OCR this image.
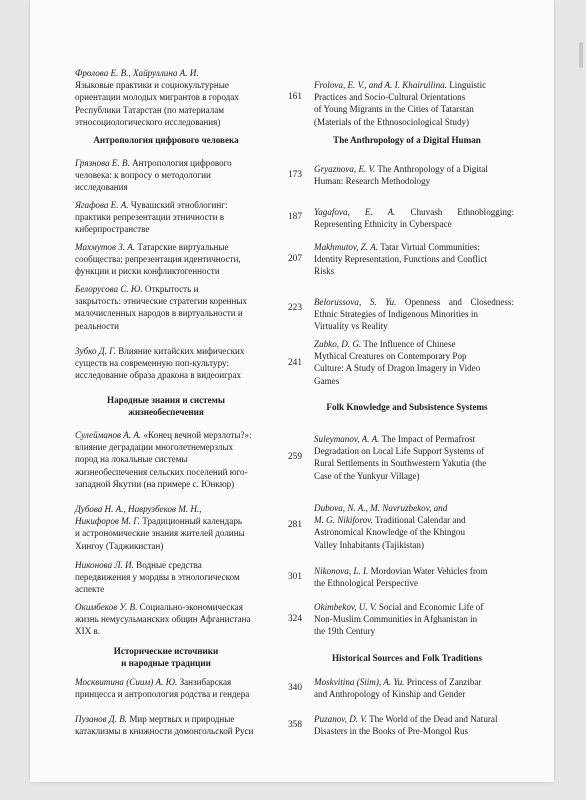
Фролова Е. В., Хайруллина А. И.
Языковые практики и социокультурные
ориентации молодых мигрантов в городах
Республики Татарстан (по материалам
этносоциологического исследования)
161
Frolova, E. V., and A. I. Khairullina. Linguistic
Practices and Socio-Cultural Orientations
of Young Migrants in the Cities of Tatarstan
(Materials of the Ethnosociological Study)
Антропология цифрового человека	The Anthropology of a Digital Human
Грязнова Е. В. Антропология цифрового
человека: к вопросу о методологии
исследования
173
Gryaznova, E. V. The Anthropology of a Digital
Human: Research Methodology
Ягафова Е. А. Чувашский этноблогинг:
практики репрезентации этничности в
киберпространстве
187	Yagafova, E. A. Chuvash Ethnoblogging:
Representing Ethnicity in Cyberspace
Махмутов З. А. Татарские виртуальные
сообщества: репрезентация идентичности,
функции и риски конфликтогенности
207
Makhmutov, Z. A. Tatar Virtual Communities:
Identity Representation, Functions and Conflict
Risks
Белорусова С. Ю. Открытость и
закрытость: этнические стратегии коренных
малочисленных народов в виртуальности и
реальности
223
Belorussova, S. Yu. Openness and Closedness:
Ethnic Strategies of Indigenous Minorities in
Virtuality vs Reality
Зубко Д. Г. Влияние китайских мифических
существ на современную поп-культуру:
исследование образа дракона в видеоиграх
241
Zubko, D. G. The Influence of Chinese
Mythical Creatures on Contemporary Pop
Culture: A Study of Dragon Imagery in Video
Games
Народные знания и системы
жизнеобеспечения
Folk Knowledge and Subsistence Systems
Сулейманов А. А. «Конец вечной мерзлоты?»:
влияние деградации многолетнемерзлых
пород на локальные системы
жизнеобеспечения сельских поселений юго-
западной Якутии (на примере с. Юнкюр)
259
Suleymanov, A. A. The Impact of Permafrost
Degradation on Local Life Support Systems of
Rural Settlements in Southwestern Yakutia (the
Case of the Yunkyur Village)
Дубова Н. А., Наврузбеков М. Н.,
Никифоров М. Г. Традиционный календарь
и астрономические знания жителей долины
Хингоу (Таджикистан)
281
Dubova, N. A., M. Navruzbekov, and
M. G. Nikiforov. Traditional Calendar and
Astronomical Knowledge of the Khingou
Valley Inhabitants (Tajikistan)
Никонова Л. И. Водные средства
передвижения у мордвы в этнологическом
аспекте
301
Nikonova, L. I. Mordovian Water Vehicles from
the Ethnological Perspective
Окимбеков У. В. Социально-экономическая
жизнь немусульманских общин Афганистана
XIX в.
324
Okimbekov, U. V. Social and Economic Life of
Non-Muslim Communities in Afghanistan in
the 19th Century
Исторические источники
и народные традиции
Historical Sources and Folk Traditions
Москвитина (Сиим) А. Ю. Занзибарская
принцесса и антропология родства и гендера
340
Moskvitina (Siim), A. Yu. Princess of Zanzibar
and Anthropology of Kinship and Gender
Пузанов Д. В. Мир мертвых и природные
катаклизмы в книжности домонгольской Руси
358
Puzanov, D. V. The World of the Dead and Natural
Disasters in the Books of Pre-Mongol Rus
